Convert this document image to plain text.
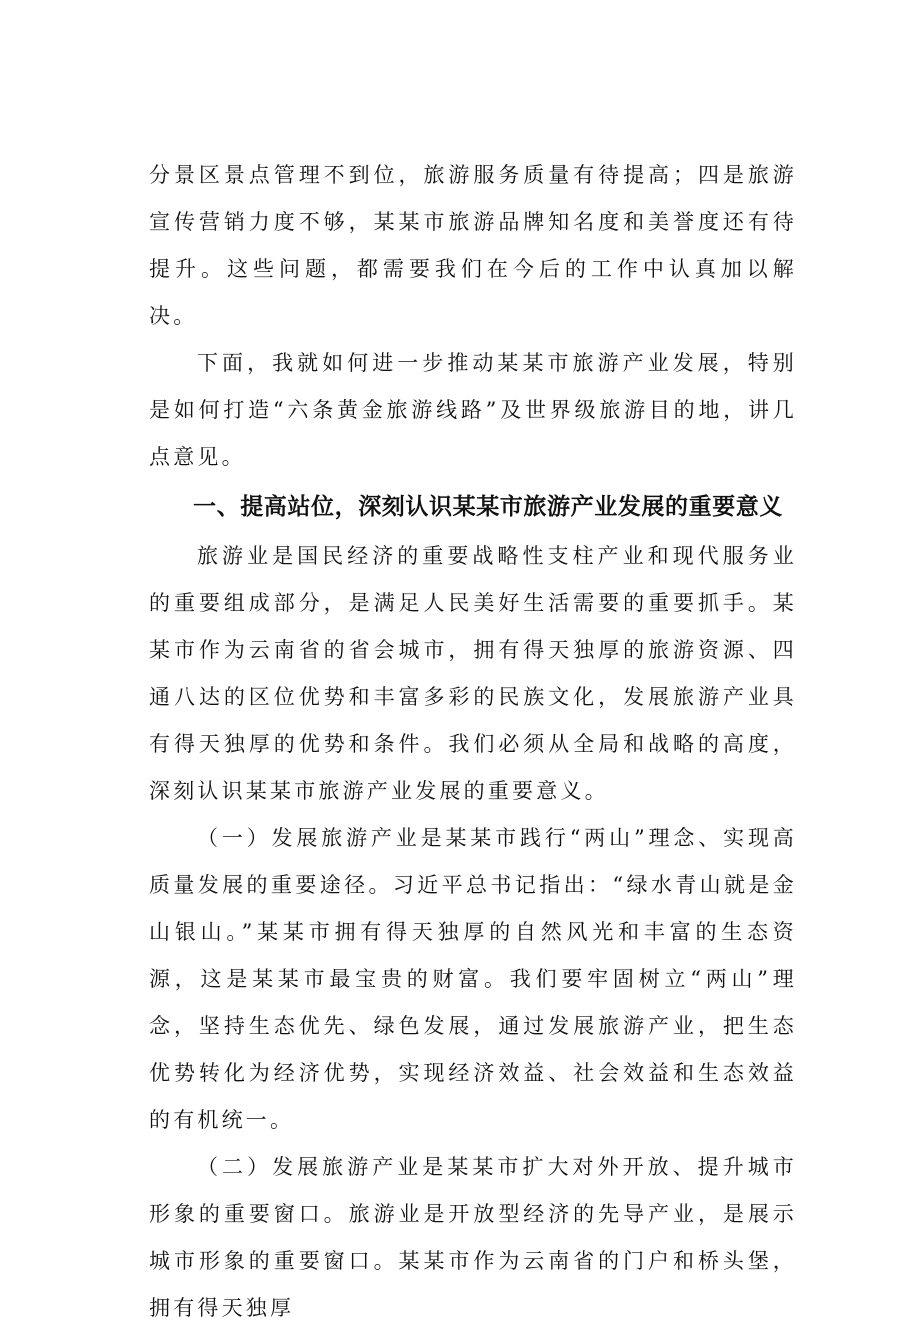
分景区景点管理不到位，旅游服务质量有待提高；四是旅游宣传营销力度不够，某某市旅游品牌知名度和美誉度还有待提升。这些问题，都需要我们在今后的工作中认真加以解决。

下面，我就如何进一步推动某某市旅游产业发展，特别是如何打造“六条黄金旅游线路”及世界级旅游目的地，讲几点意见。

一、提高站位，深刻认识某某市旅游产业发展的重要意义

旅游业是国民经济的重要战略性支柱产业和现代服务业的重要组成部分，是满足人民美好生活需要的重要抓手。某某市作为云南省的省会城市，拥有得天独厚的旅游资源、四通八达的区位优势和丰富多彩的民族文化，发展旅游产业具有得天独厚的优势和条件。我们必须从全局和战略的高度，深刻认识某某市旅游产业发展的重要意义。

（一）发展旅游产业是某某市践行“两山”理念、实现高质量发展的重要途径。习近平总书记指出：“绿水青山就是金山银山。”某某市拥有得天独厚的自然风光和丰富的生态资源，这是某某市最宝贵的财富。我们要牢固树立“两山”理念，坚持生态优先、绿色发展，通过发展旅游产业，把生态优势转化为经济优势，实现经济效益、社会效益和生态效益的有机统一。

（二）发展旅游产业是某某市扩大对外开放、提升城市形象的重要窗口。旅游业是开放型经济的先导产业，是展示城市形象的重要窗口。某某市作为云南省的门户和桥头堡，拥有得天独厚
